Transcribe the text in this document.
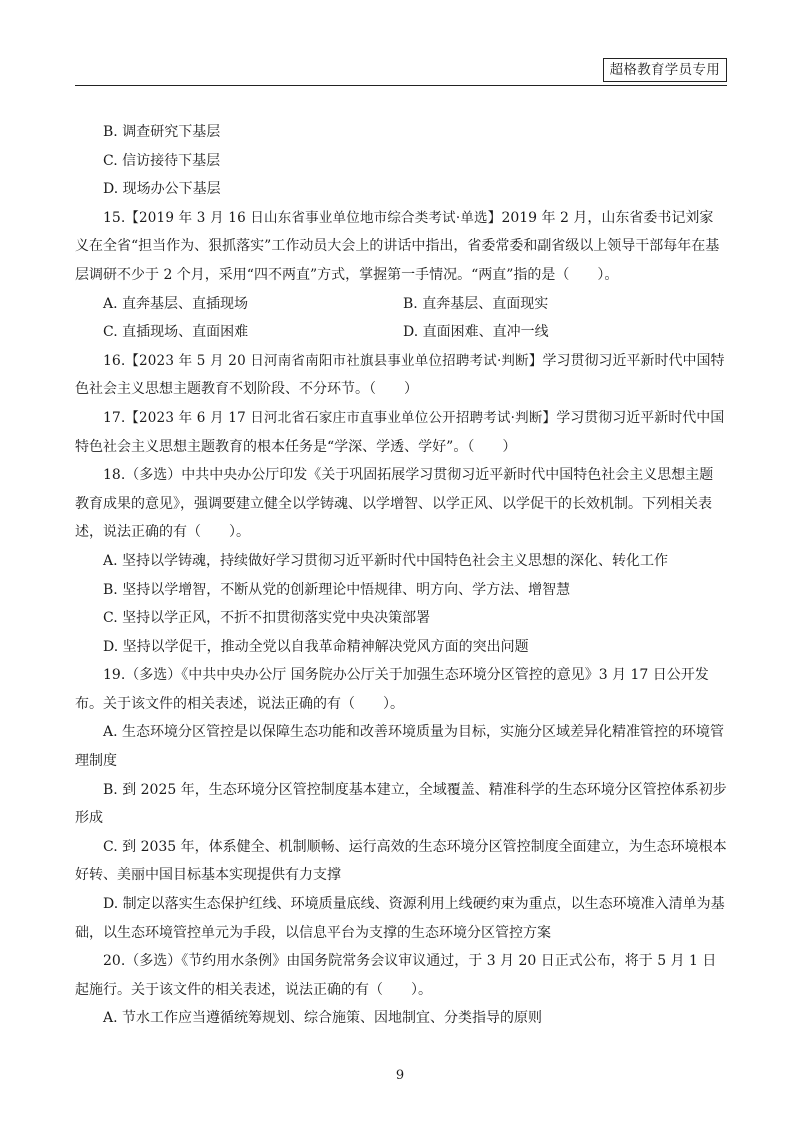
超格教育学员专用

B. 调查研究下基层

C. 信访接待下基层

D. 现场办公下基层

15.【2019 年 3 月 16 日山东省事业单位地市综合类考试·单选】2019 年 2 月，山东省委书记刘家义在全省“担当作为、狠抓落实”工作动员大会上的讲话中指出，省委常委和副省级以上领导干部每年在基层调研不少于 2 个月，采用“四不两直”方式，掌握第一手情况。“两直”指的是（　　）。

A. 直奔基层、直插现场	B. 直奔基层、直面现实
C. 直插现场、直面困难	D. 直面困难、直冲一线

16.【2023 年 5 月 20 日河南省南阳市社旗县事业单位招聘考试·判断】学习贯彻习近平新时代中国特色社会主义思想主题教育不划阶段、不分环节。（　　）

17.【2023 年 6 月 17 日河北省石家庄市直事业单位公开招聘考试·判断】学习贯彻习近平新时代中国特色社会主义思想主题教育的根本任务是“学深、学透、学好”。（　　）

18.（多选）中共中央办公厅印发《关于巩固拓展学习贯彻习近平新时代中国特色社会主义思想主题教育成果的意见》，强调要建立健全以学铸魂、以学增智、以学正风、以学促干的长效机制。下列相关表述，说法正确的有（　　）。

A. 坚持以学铸魂，持续做好学习贯彻习近平新时代中国特色社会主义思想的深化、转化工作

B. 坚持以学增智，不断从党的创新理论中悟规律、明方向、学方法、增智慧

C. 坚持以学正风，不折不扣贯彻落实党中央决策部署

D. 坚持以学促干，推动全党以自我革命精神解决党风方面的突出问题

19.（多选）《中共中央办公厅 国务院办公厅关于加强生态环境分区管控的意见》3 月 17 日公开发布。关于该文件的相关表述，说法正确的有（　　）。

A. 生态环境分区管控是以保障生态功能和改善环境质量为目标，实施分区域差异化精准管控的环境管理制度

B. 到 2025 年，生态环境分区管控制度基本建立，全域覆盖、精准科学的生态环境分区管控体系初步形成

C. 到 2035 年，体系健全、机制顺畅、运行高效的生态环境分区管控制度全面建立，为生态环境根本好转、美丽中国目标基本实现提供有力支撑

D. 制定以落实生态保护红线、环境质量底线、资源利用上线硬约束为重点，以生态环境准入清单为基础，以生态环境管控单元为手段，以信息平台为支撑的生态环境分区管控方案

20.（多选）《节约用水条例》由国务院常务会议审议通过，于 3 月 20 日正式公布，将于 5 月 1 日起施行。关于该文件的相关表述，说法正确的有（　　）。

A. 节水工作应当遵循统筹规划、综合施策、因地制宜、分类指导的原则

9
